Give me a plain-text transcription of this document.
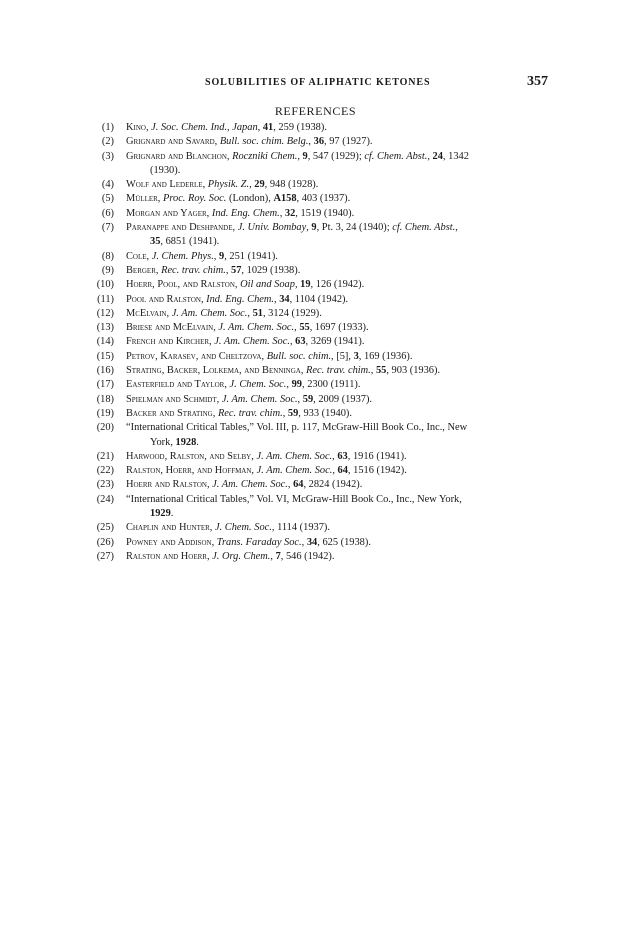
SOLUBILITIES OF ALIPHATIC KETONES	357
REFERENCES

(1) Kino, J. Soc. Chem. Ind., Japan, 41, 259 (1938).

(2) Grignard and Savard, Bull. soc. chim. Belg., 36, 97 (1927).

(3) Grignard and Blanchon, Roczniki Chem., 9, 547 (1929); cf. Chem. Abst., 24, 1342
(1930).

(4) Wolf and Lederle, Physik. Z., 29, 948 (1928).

(5) Müller, Proc. Roy. Soc. (London), A158, 403 (1937).

(6) Morgan and Yager, Ind. Eng. Chem., 32, 1519 (1940).

(7) Paranappe and Deshpande, J. Univ. Bombay, 9, Pt. 3, 24 (1940); cf. Chem. Abst.,
35, 6851 (1941).

(8) Cole, J. Chem. Phys., 9, 251 (1941).

(9) Berger, Rec. trav. chim., 57, 1029 (1938).

(10) Hoerr, Pool, and Ralston, Oil and Soap, 19, 126 (1942).

(11) Pool and Ralston, Ind. Eng. Chem., 34, 1104 (1942).

(12) McElvain, J. Am. Chem. Soc., 51, 3124 (1929).

(13) Briese and McElvain, J. Am. Chem. Soc., 55, 1697 (1933).

(14) French and Kircher, J. Am. Chem. Soc., 63, 3269 (1941).

(15) Petrov, Karasev, and Cheltzova, Bull. soc. chim., [5], 3, 169 (1936).

(16) Strating, Backer, Lolkema, and Benninga, Rec. trav. chim., 55, 903 (1936).

(17) Easterfield and Taylor, J. Chem. Soc., 99, 2300 (1911).

(18) Spielman and Schmidt, J. Am. Chem. Soc., 59, 2009 (1937).

(19) Backer and Strating, Rec. trav. chim., 59, 933 (1940).

(20) “International Critical Tables,” Vol. III, p. 117, McGraw-Hill Book Co., Inc., New
York, 1928.

(21) Harwood, Ralston, and Selby, J. Am. Chem. Soc., 63, 1916 (1941).

(22) Ralston, Hoerr, and Hoffman, J. Am. Chem. Soc., 64, 1516 (1942).

(23) Hoerr and Ralston, J. Am. Chem. Soc., 64, 2824 (1942).

(24) “International Critical Tables,” Vol. VI, McGraw-Hill Book Co., Inc., New York,
1929.

(25) Chaplin and Hunter, J. Chem. Soc., 1114 (1937).

(26) Powney and Addison, Trans. Faraday Soc., 34, 625 (1938).

(27) Ralston and Hoerr, J. Org. Chem., 7, 546 (1942).
